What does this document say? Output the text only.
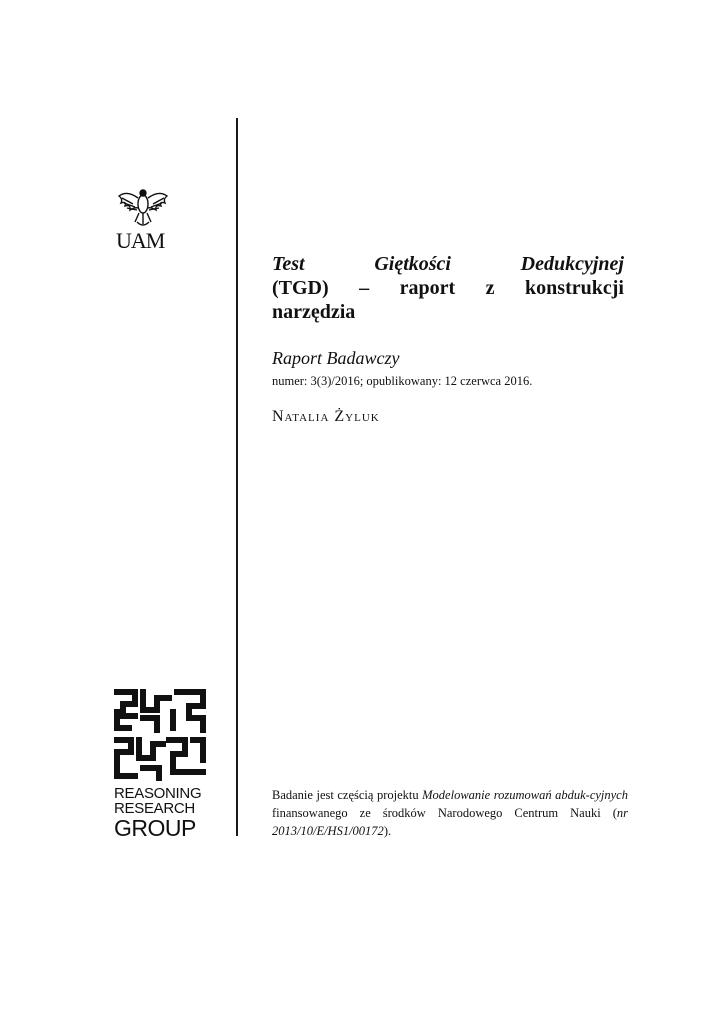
UAM
Test	Giętkości	Dedukcyjnej
(TGD) – raport z konstrukcji
narzędzia
Raport Badawczy
numer: 3(3)/2016; opublikowany: 12 czerwca 2016.
Natalia Żyluk
REASONING
RESEARCH
GROUP
Badanie jest częścią projektu Modelowanie rozumowań abduk-cyjnych finansowanego ze środków Narodowego Centrum Nauki (nr 2013/10/E/HS1/00172).
